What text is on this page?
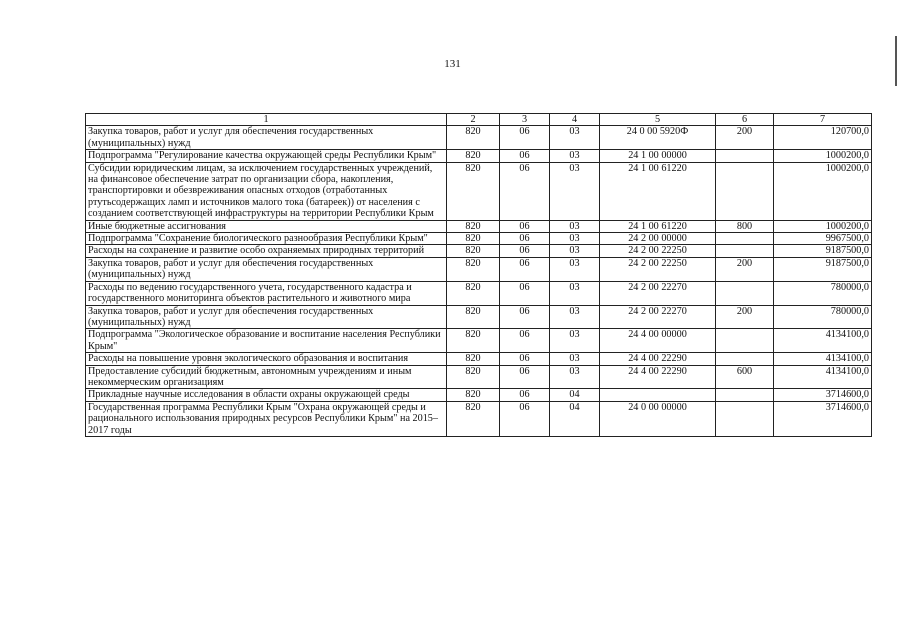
131
1	2	3	4	5	6	7
Закупка товаров, работ и услуг для обеспечения государственных (муниципальных) нужд	820	06	03	24 0 00 5920Ф	200	120700,0
Подпрограмма "Регулирование качества окружающей среды Республики Крым"	820	06	03	24 1 00 00000		1000200,0
Субсидии юридическим лицам, за исключением государственных учреждений, на финансовое обеспечение затрат по организации сбора, накопления, транспортировки и обезвреживания опасных отходов (отработанных ртутьсодержащих ламп и источников малого тока (батареек)) от населения с созданием соответствующей инфраструктуры на территории Республики Крым	820	06	03	24 1 00 61220		1000200,0
Иные бюджетные ассигнования	820	06	03	24 1 00 61220	800	1000200,0
Подпрограмма "Сохранение биологического разнообразия Республики Крым"	820	06	03	24 2 00 00000		9967500,0
Расходы на сохранение и развитие особо охраняемых природных территорий	820	06	03	24 2 00 22250		9187500,0
Закупка товаров, работ и услуг для обеспечения государственных (муниципальных) нужд	820	06	03	24 2 00 22250	200	9187500,0
Расходы по ведению государственного учета, государственного кадастра и государственного мониторинга объектов растительного и животного мира	820	06	03	24 2 00 22270		780000,0
Закупка товаров, работ и услуг для обеспечения государственных (муниципальных) нужд	820	06	03	24 2 00 22270	200	780000,0
Подпрограмма "Экологическое образование и воспитание населения Республики Крым"	820	06	03	24 4 00 00000		4134100,0
Расходы на повышение уровня экологического образования и воспитания	820	06	03	24 4 00 22290		4134100,0
Предоставление субсидий бюджетным, автономным учреждениям и иным некоммерческим организациям	820	06	03	24 4 00 22290	600	4134100,0
Прикладные научные исследования в области охраны окружающей среды	820	06	04			3714600,0
Государственная программа Республики Крым "Охрана окружающей среды и рационального использования природных ресурсов Республики Крым" на 2015–2017 годы	820	06	04	24 0 00 00000		3714600,0
